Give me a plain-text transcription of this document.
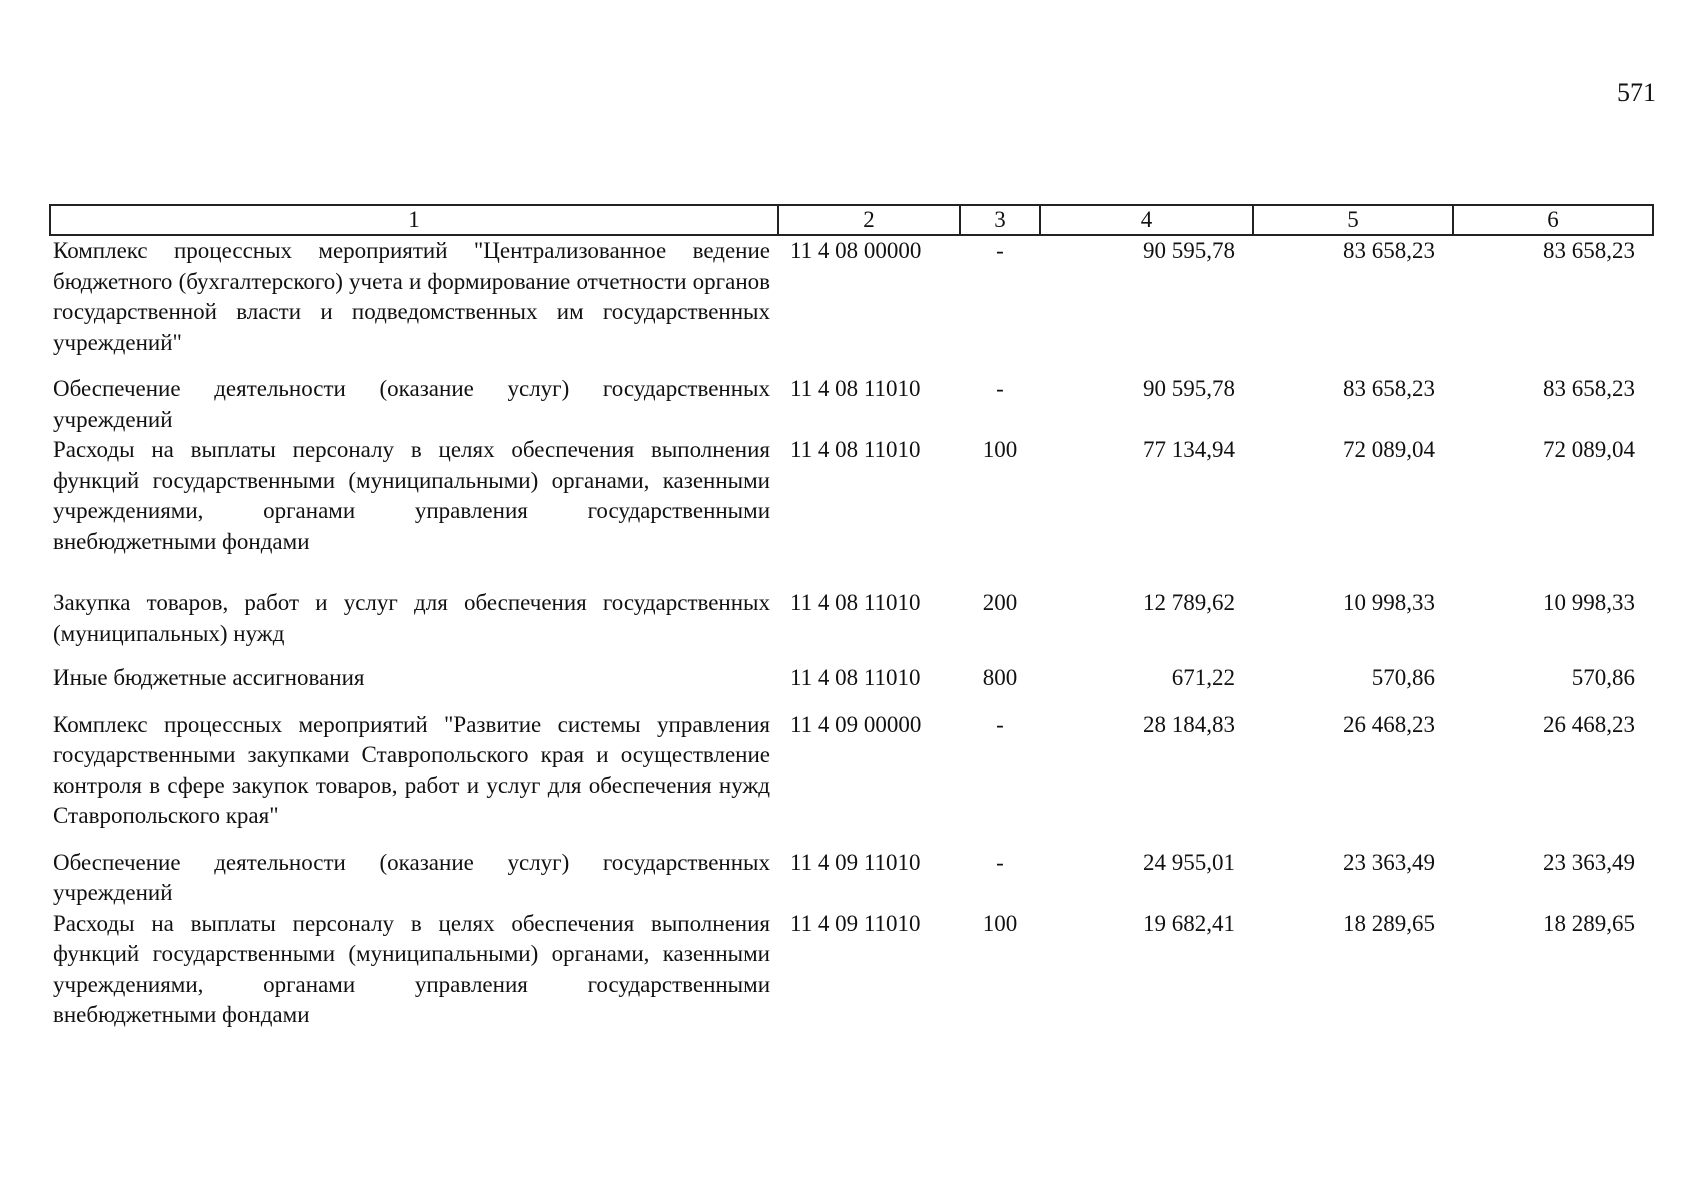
571
1	2	3	4	5	6
Комплекс процессных мероприятий "Централизованное ведение бюджетного (бухгалтерского) учета и формирование отчетности органов государственной власти и подведомственных им государственных учреждений"	11 4 08 00000	-	90 595,78	83 658,23	83 658,23
Обеспечение деятельности (оказание услуг) государственных учреждений	11 4 08 11010	-	90 595,78	83 658,23	83 658,23
Расходы на выплаты персоналу в целях обеспечения выполнения функций государственными (муниципальными) органами, казенными учреждениями, органами управления государственными внебюджетными фондами	11 4 08 11010	100	77 134,94	72 089,04	72 089,04
Закупка товаров, работ и услуг для обеспечения государственных (муниципальных) нужд	11 4 08 11010	200	12 789,62	10 998,33	10 998,33
Иные бюджетные ассигнования	11 4 08 11010	800	671,22	570,86	570,86
Комплекс процессных мероприятий "Развитие системы управления государственными закупками Ставропольского края и осуществление контроля в сфере закупок товаров, работ и услуг для обеспечения нужд Ставропольского края"	11 4 09 00000	-	28 184,83	26 468,23	26 468,23
Обеспечение деятельности (оказание услуг) государственных учреждений	11 4 09 11010	-	24 955,01	23 363,49	23 363,49
Расходы на выплаты персоналу в целях обеспечения выполнения функций государственными (муниципальными) органами, казенными учреждениями, органами управления государственными внебюджетными фондами	11 4 09 11010	100	19 682,41	18 289,65	18 289,65
